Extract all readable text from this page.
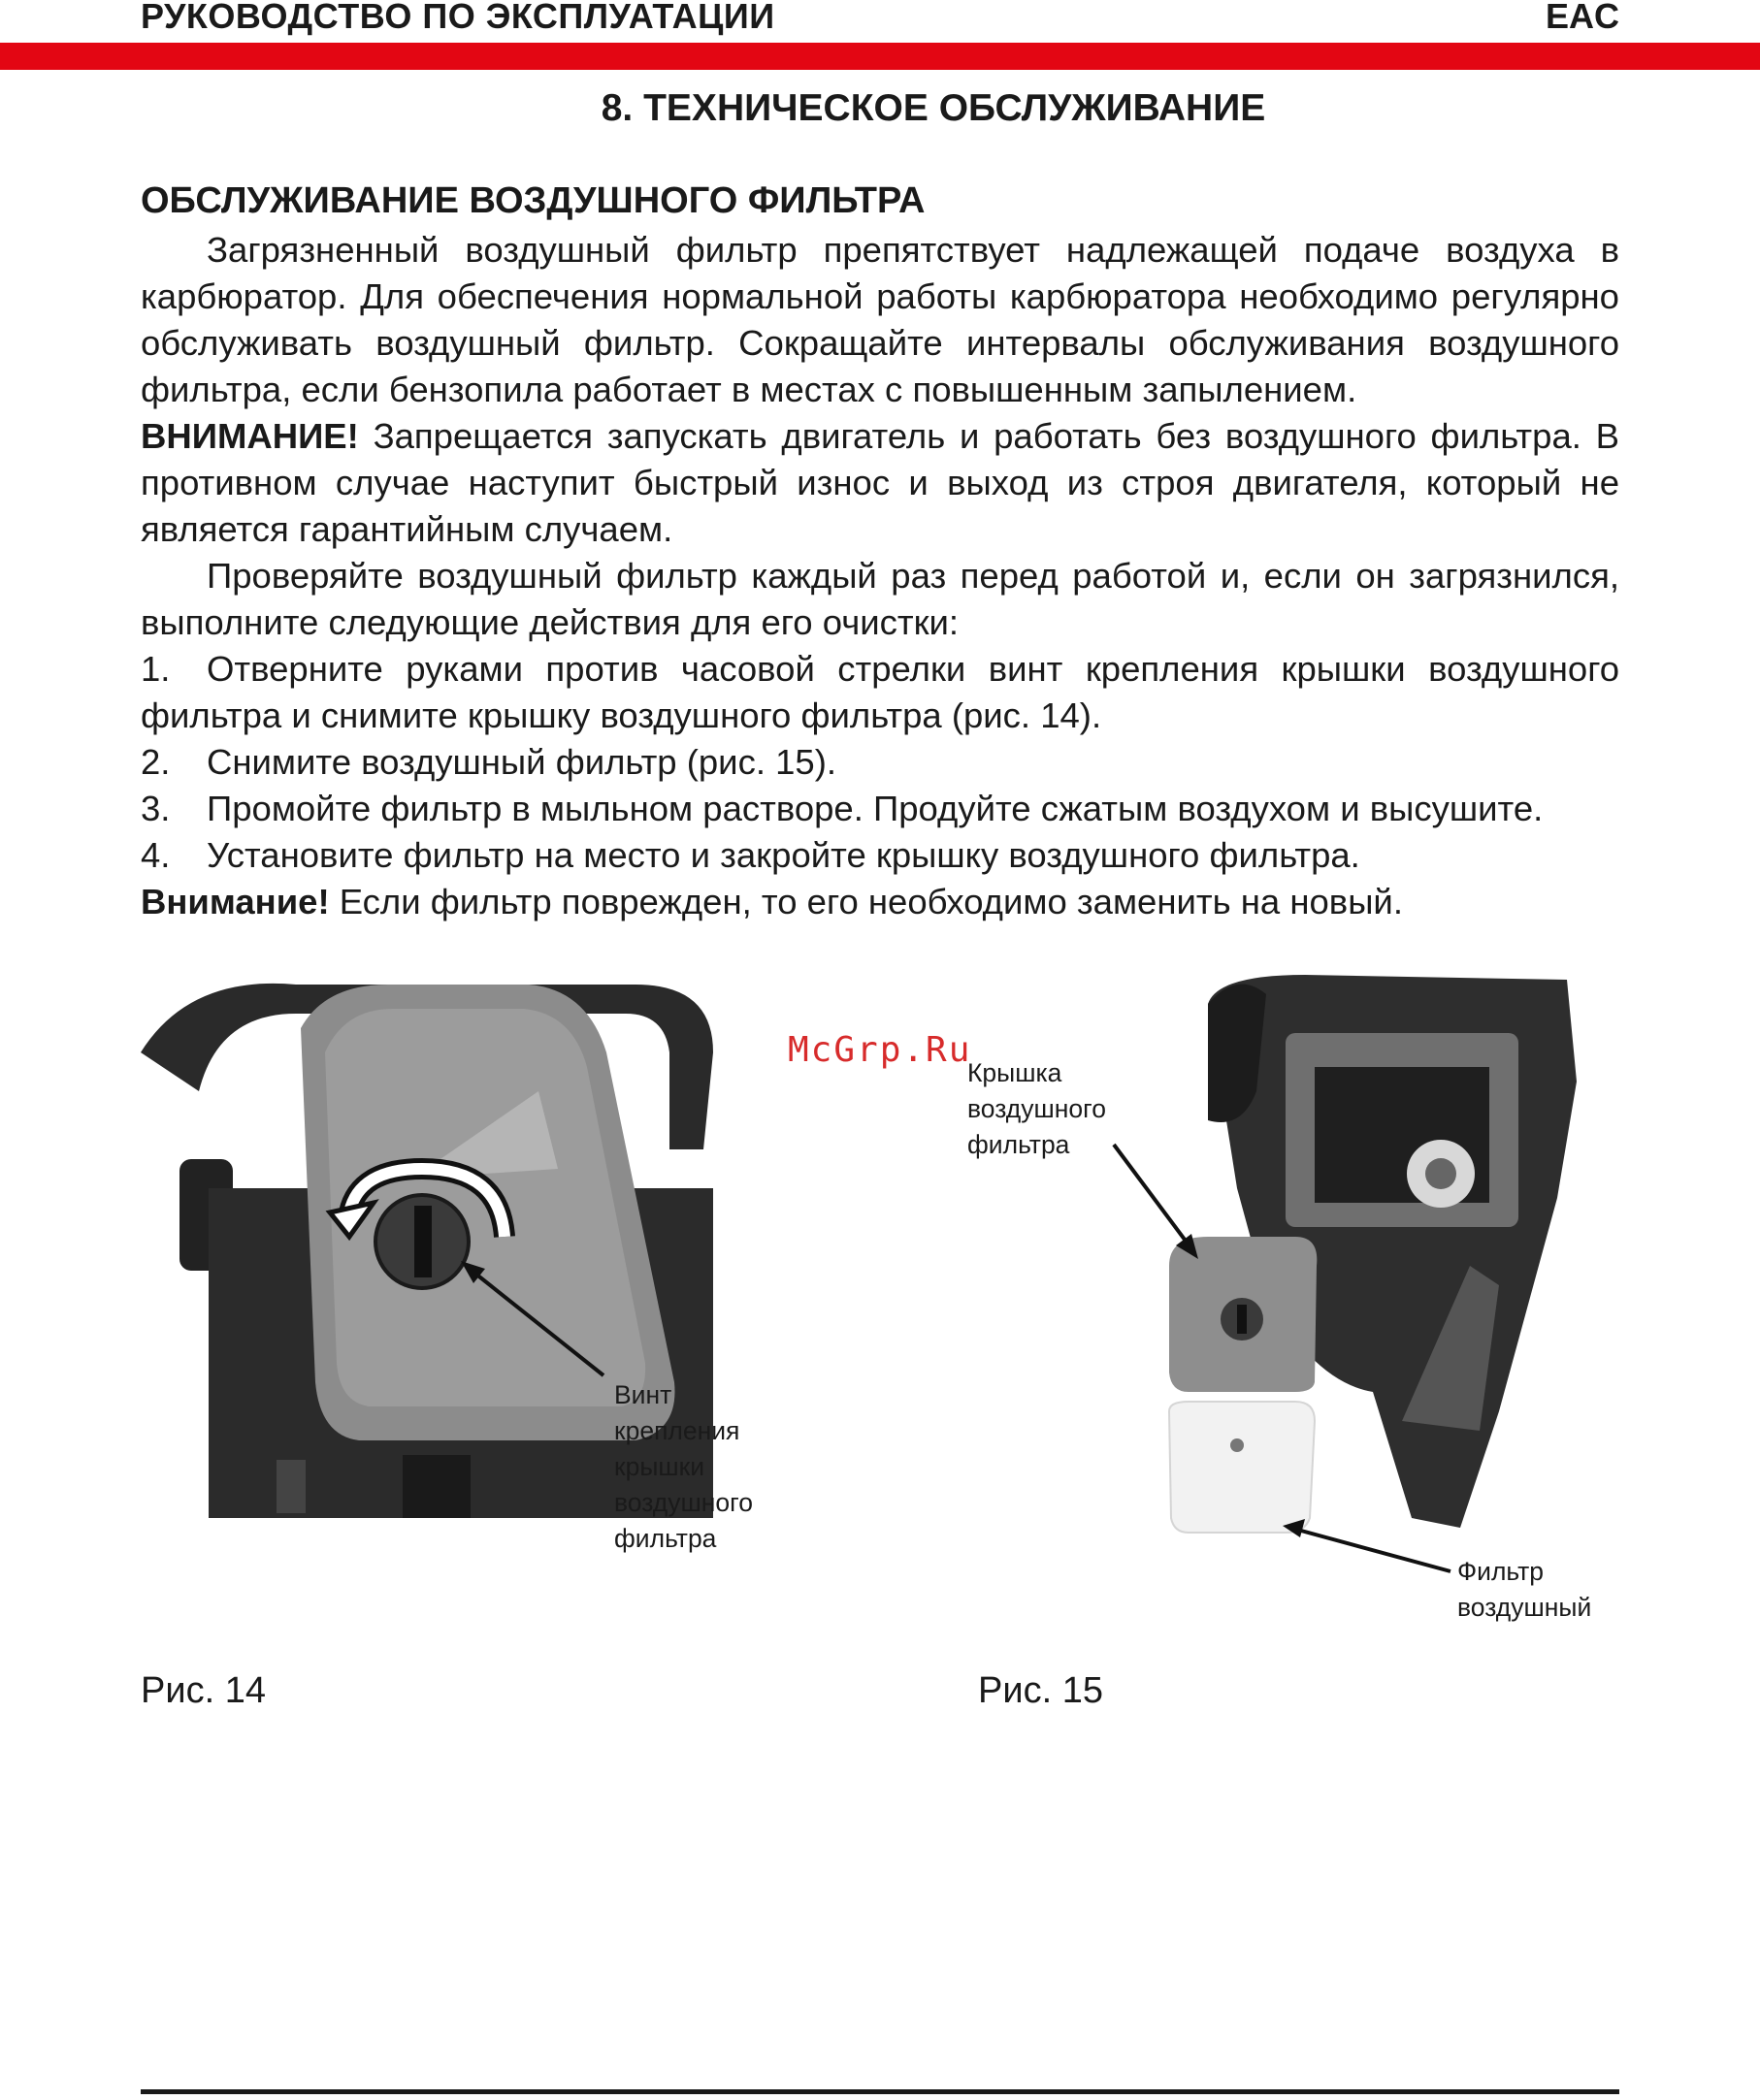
РУКОВОДСТВО ПО ЭКСПЛУАТАЦИИ	EAC
8. ТЕХНИЧЕСКОЕ ОБСЛУЖИВАНИЕ
ОБСЛУЖИВАНИЕ ВОЗДУШНОГО ФИЛЬТРА

Загрязненный воздушный фильтр препятствует надлежащей подаче воздуха в карбюратор. Для обеспечения нормальной работы карбюратора необходимо регулярно обслуживать воздушный фильтр. Сокращайте интервалы обслуживания воздушного фильтра, если бензопила работает в местах с повышенным запылением.

ВНИМАНИЕ! Запрещается запускать двигатель и работать без воздушного фильтра. В противном случае наступит быстрый износ и выход из строя двигателя, который не является гарантийным случаем.

Проверяйте воздушный фильтр каждый раз перед работой и, если он загрязнился, выполните следующие действия для его очистки:

1. Отверните руками против часовой стрелки винт крепления крышки воздушного фильтра и снимите крышку воздушного фильтра (рис. 14).

2. Снимите воздушный фильтр (рис. 15).

3. Промойте фильтр в мыльном растворе. Продуйте сжатым воздухом и высушите.

4. Установите фильтр на место и закройте крышку воздушного фильтра.

Внимание! Если фильтр поврежден, то его необходимо заменить на новый.

McGrp.Ru
Винт
крепления
крышки
воздушного
фильтра
Крышка
воздушного
фильтра
Фильтр
воздушный
Рис. 14	Рис. 15
